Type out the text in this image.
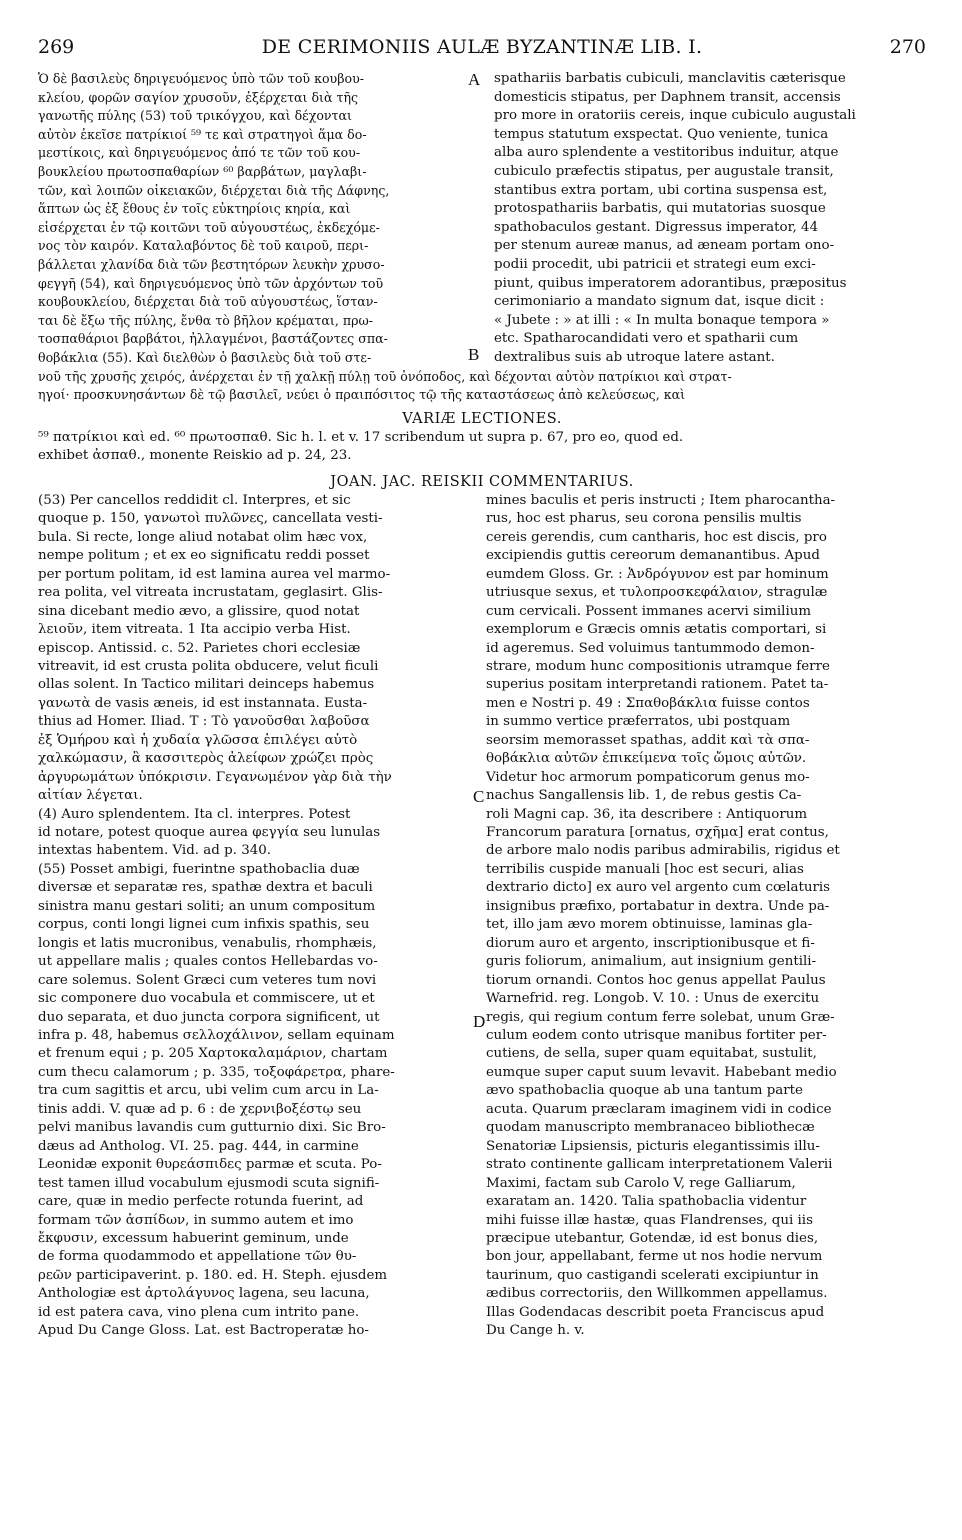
269	DE CERIMONIIS AULÆ BYZANTINÆ LIB. I.	270
Ὁ δὲ βασιλεὺς δηριγευόμενος ὑπὸ τῶν τοῦ κουβου-
κλείου, φορῶν σαγίον χρυσοῦν, ἐξέρχεται διὰ τῆς
γανωτῆς πύλης (53) τοῦ τρικόγχου, καὶ δέχονται
αὐτὸν ἐκεῖσε πατρίκιοί ⁵⁹ τε καὶ στρατηγοὶ ἅμα δο-
μεστίκοις, καὶ δηριγευόμενος ἀπό τε τῶν τοῦ κου-
βουκλείου πρωτοσπαθαρίων ⁶⁰ βαρβάτων, μαγλαβι-
τῶν, καὶ λοιπῶν οἰκειακῶν, διέρχεται διὰ τῆς Δάφνης,
ἅπτων ὡς ἐξ ἔθους ἐν τοῖς εὐκτηρίοις κηρία, καὶ
εἰσέρχεται ἐν τῷ κοιτῶνι τοῦ αὐγουστέως, ἐκδεχόμε-
νος τὸν καιρόν. Καταλαβόντος δὲ τοῦ καιροῦ, περι-
βάλλεται χλανίδα διὰ τῶν βεστητόρων λευκὴν χρυσο-
φεγγῆ (54), καὶ δηριγευόμενος ὑπὸ τῶν ἀρχόντων τοῦ
κουβουκλείου, διέρχεται διὰ τοῦ αὐγουστέως, ἵσταν-
ται δὲ ἔξω τῆς πύλης, ἔνθα τὸ βῆλον κρέμαται, πρω-
τοσπαθάριοι βαρβάτοι, ἠλλαγμένοι, βαστάζοντες σπα-
θοβάκλια (55). Καὶ διελθὼν ὁ βασιλεὺς διὰ τοῦ στε-
spathariis barbatis cubiculi, manclavitis cæterisque
domesticis stipatus, per Daphnem transit, accensis
pro more in oratoriis cereis, inque cubiculo augustali
tempus statutum exspectat. Quo veniente, tunica
alba auro splendente a vestitoribus induitur, atque
cubiculo præfectis stipatus, per augustale transit,
stantibus extra portam, ubi cortina suspensa est,
protospathariis barbatis, qui mutatorias suosque
spathobaculos gestant. Digressus imperator, 44
per stenum aureæ manus, ad æneam portam ono-
podii procedit, ubi patricii et strategi eum exci-
piunt, quibus imperatorem adorantibus, præpositus
cerimoniario a mandato signum dat, isque dicit :
« Jubete : » at illi : « In multa bonaque tempora »
etc. Spatharocandidati vero et spatharii cum
dextralibus suis ab utroque latere astant.
A
B
νοῦ τῆς χρυσῆς χειρός, ἀνέρχεται ἐν τῇ χαλκῇ πύλῃ τοῦ ὀνόποδος, καὶ δέχονται αὐτὸν πατρίκιοι καὶ στρατ-
ηγοί· προσκυνησάντων δὲ τῷ βασιλεῖ, νεύει ὁ πραιπόσιτος τῷ τῆς καταστάσεως ἀπὸ κελεύσεως, καὶ
VARIÆ LECTIONES.
⁵⁹ πατρίκιοι καὶ ed. ⁶⁰ πρωτοσπαθ. Sic h. l. et v. 17 scribendum ut supra p. 67, pro eo, quod ed.
exhibet ἀσπαθ., monente Reiskio ad p. 24, 23.
JOAN. JAC. REISKII COMMENTARIUS.
(53) Per cancellos reddidit cl. Interpres, et sic
quoque p. 150, γανωτοὶ πυλῶνες, cancellata vesti-
bula. Si recte, longe aliud notabat olim hæc vox,
nempe politum ; et ex eo significatu reddi posset
per portum politam, id est lamina aurea vel marmo-
rea polita, vel vitreata incrustatam, geglasirt. Glis-
sina dicebant medio ævo, a glissire, quod notat
λειοῦν, item vitreata. 1 Ita accipio verba Hist.
episcop. Antissid. c. 52. Parietes chori ecclesiæ
vitreavit, id est crusta polita obducere, velut ficuli
ollas solent. In Tactico militari deinceps habemus
γανωτὰ de vasis æneis, id est instannata. Eusta-
thius ad Homer. Iliad. T : Τὸ γανοῦσθαι λαβοῦσα
ἐξ Ὁμήρου καὶ ἡ χυδαία γλῶσσα ἐπιλέγει αὐτὸ
χαλκώμασιν, ἃ κασσιτερὸς ἀλείφων χρώζει πρὸς
ἀργυρωμάτων ὑπόκρισιν. Γεγανωμένον γὰρ διὰ τὴν
αἰτίαν λέγεται.
(4) Auro splendentem. Ita cl. interpres. Potest
id notare, potest quoque aurea φεγγία seu lunulas
intextas habentem. Vid. ad p. 340.
(55) Posset ambigi, fuerintne spathobaclia duæ
diversæ et separatæ res, spathæ dextra et baculi
sinistra manu gestari soliti; an unum compositum
corpus, conti longi lignei cum infixis spathis, seu
longis et latis mucronibus, venabulis, rhomphæis,
ut appellare malis ; quales contos Hellebardas vo-
care solemus. Solent Græci cum veteres tum novi
sic componere duo vocabula et commiscere, ut et
duo separata, et duo juncta corpora significent, ut
infra p. 48, habemus σελλοχάλινον, sellam equinam
et frenum equi ; p. 205 Χαρτοκαλαμάριον, chartam
cum thecu calamorum ; p. 335, τοξοφάρετρα, phare-
tra cum sagittis et arcu, ubi velim cum arcu in La-
tinis addi. V. quæ ad p. 6 : de χερνιβοξέστῳ seu
pelvi manibus lavandis cum gutturnio dixi. Sic Bro-
dæus ad Antholog. VI. 25. pag. 444, in carmine
Leonidæ exponit θυρεάσπιδες parmæ et scuta. Po-
test tamen illud vocabulum ejusmodi scuta signifi-
care, quæ in medio perfecte rotunda fuerint, ad
formam τῶν ἀσπίδων, in summo autem et imo
ἔκφυσιν, excessum habuerint geminum, unde
de forma quodammodo et appellatione τῶν θυ-
ρεῶν participaverint. p. 180. ed. H. Steph. ejusdem
Anthologiæ est ἀρτολάγυνος lagena, seu lacuna,
id est patera cava, vino plena cum intrito pane.
Apud Du Cange Gloss. Lat. est Bactroperatæ ho-
mines baculis et peris instructi ; Item pharocantha-
rus, hoc est pharus, seu corona pensilis multis
cereis gerendis, cum cantharis, hoc est discis, pro
excipiendis guttis cereorum demanantibus. Apud
eumdem Gloss. Gr. : Ἀνδρόγυνον est par hominum
utriusque sexus, et τυλοπροσκεφάλαιον, stragulæ
cum cervicali. Possent immanes acervi similium
exemplorum e Græcis omnis ætatis comportari, si
id ageremus. Sed voluimus tantummodo demon-
strare, modum hunc compositionis utramque ferre
superius positam interpretandi rationem. Patet ta-
men e Nostri p. 49 : Σπαθοβάκλια fuisse contos
in summo vertice præferratos, ubi postquam
seorsim memorasset spathas, addit καὶ τὰ σπα-
θοβάκλια αὐτῶν ἐπικείμενα τοῖς ὤμοις αὐτῶν.
Videtur hoc armorum pompaticorum genus mo-
nachus Sangallensis lib. 1, de rebus gestis Ca-
roli Magni cap. 36, ita describere : Antiquorum
Francorum paratura [ornatus, σχῆμα] erat contus,
de arbore malo nodis paribus admirabilis, rigidus et
terribilis cuspide manuali [hoc est securi, alias
dextrario dicto] ex auro vel argento cum cœlaturis
insignibus præfixo, portabatur in dextra. Unde pa-
tet, illo jam ævo morem obtinuisse, laminas gla-
diorum auro et argento, inscriptionibusque et fi-
guris foliorum, animalium, aut insignium gentili-
tiorum ornandi. Contos hoc genus appellat Paulus
Warnefrid. reg. Longob. V. 10. : Unus de exercitu
regis, qui regium contum ferre solebat, unum Græ-
culum eodem conto utrisque manibus fortiter per-
cutiens, de sella, super quam equitabat, sustulit,
eumque super caput suum levavit. Habebant medio
ævo spathobaclia quoque ab una tantum parte
acuta. Quarum præclaram imaginem vidi in codice
quodam manuscripto membranaceo bibliothecæ
Senatoriæ Lipsiensis, picturis elegantissimis illu-
strato continente gallicam interpretationem Valerii
Maximi, factam sub Carolo V, rege Galliarum,
exaratam an. 1420. Talia spathobaclia videntur
mihi fuisse illæ hastæ, quas Flandrenses, qui iis
præcipue utebantur, Gotendæ, id est bonus dies,
bon jour, appellabant, ferme ut nos hodie nervum
taurinum, quo castigandi scelerati excipiuntur in
ædibus correctoriis, den Willkommen appellamus.
Illas Godendacas describit poeta Franciscus apud
Du Cange h. v.
C
D
